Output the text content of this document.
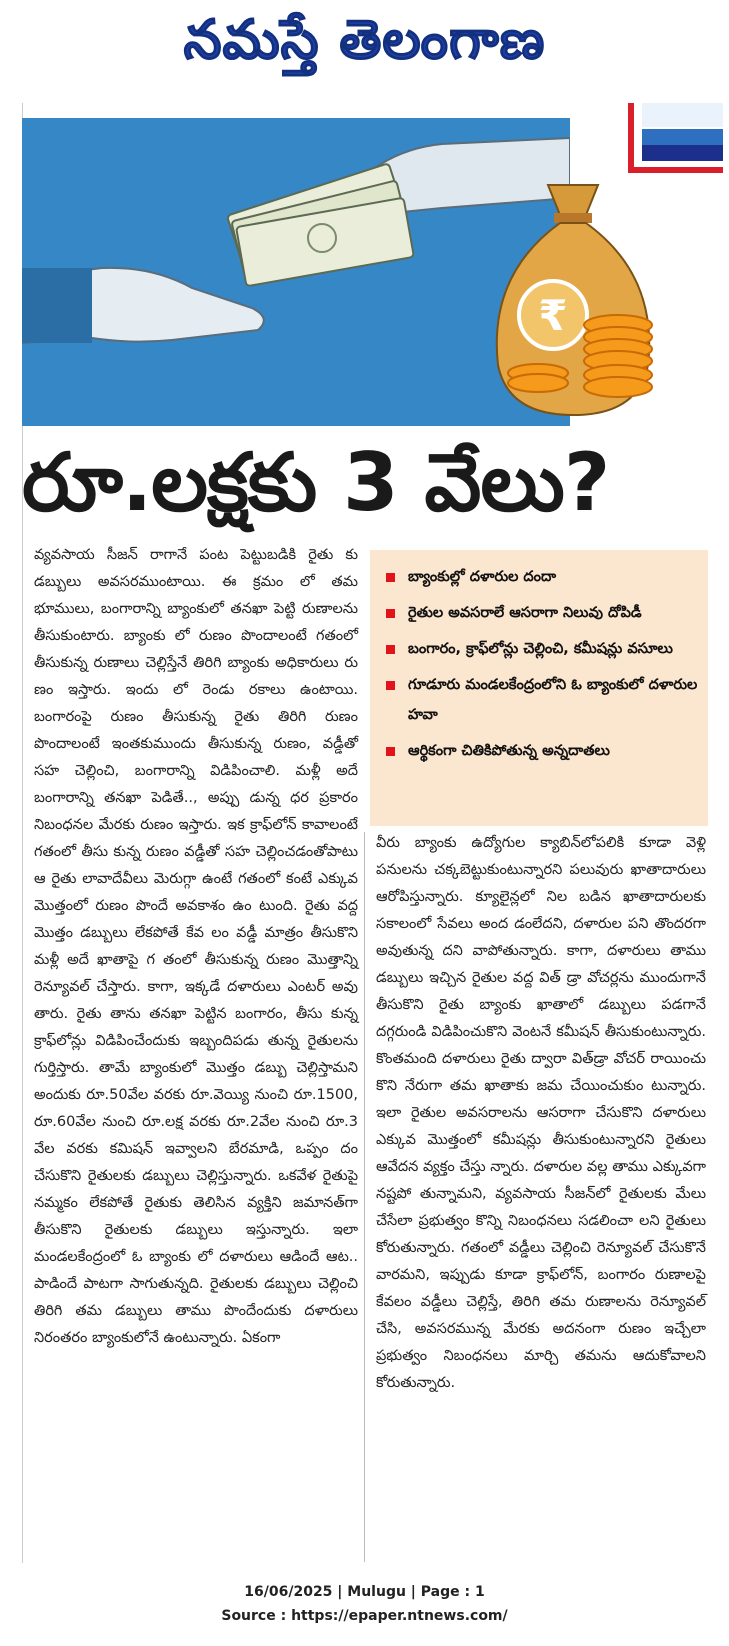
నమస్తే తెలంగాణ
₹
రూ.లక్షకు 3 వేలు?
బ్యాంకుల్లో దళారుల దందా
రైతుల అవసరాలే ఆసరాగా నిలువు దోపిడీ
బంగారం, క్రాఫ్‌లోన్లు చెల్లించి, కమీషన్లు వసూలు
గూడూరు మండలకేంద్రంలోని ఓ బ్యాంకులో దళారుల హవా
ఆర్థికంగా చితికిపోతున్న అన్నదాతలు
వ్యవసాయ సీజన్ రాగానే పంట పెట్టుబడికి రైతు కు డబ్బులు అవసరముంటాయి. ఈ క్రమం లో తమ భూములు, బంగారాన్ని బ్యాంకులో తనఖా పెట్టి రుణాలను తీసుకుంటారు. బ్యాంకు లో రుణం పొందాలంటే గతంలో తీసుకున్న రుణాలు చెల్లిస్తేనే తిరిగి బ్యాంకు అధికారులు రు ణం ఇస్తారు. ఇందు లో రెండు రకాలు ఉంటాయి. బంగారంపై రుణం తీసుకున్న రైతు తిరిగి రుణం పొందాలంటే ఇంతకుముందు తీసుకున్న రుణం, వడ్డీతో సహ చెల్లించి, బంగారాన్ని విడిపించాలి. మళ్లీ అదే బంగారాన్ని తనఖా పెడితే.., అప్పు డున్న ధర ప్రకారం నిబంధనల మేరకు రుణం ఇస్తారు. ఇక క్రాఫ్‌లోన్ కావాలంటే గతంలో తీసు కున్న రుణం వడ్డీతో సహ చెల్లించడంతోపాటు ఆ రైతు లావాదేవీలు మెరుగ్గా ఉంటే గతంలో కంటే ఎక్కువ మొత్తంలో రుణం పొందే అవకాశం ఉం టుంది. రైతు వద్ద మొత్తం డబ్బులు లేకపోతే కేవ లం వడ్డీ మాత్రం తీసుకొని మళ్లీ అదే ఖాతాపై గ తంలో తీసుకున్న రుణం మొత్తాన్ని రెన్యూవల్ చేస్తారు. కాగా, ఇక్కడే దళారులు ఎంటర్ అవు తారు. రైతు తాను తనఖా పెట్టిన బంగారం, తీసు కున్న క్రాఫ్‌లోన్లు విడిపించేందుకు ఇబ్బందిపడు తున్న రైతులను గుర్తిస్తారు. తామే బ్యాంకులో మొత్తం డబ్బు చెల్లిస్తామని అందుకు రూ.50వేల వరకు రూ.వెయ్యి నుంచి రూ.1500, రూ.60వేల నుంచి రూ.లక్ష వరకు రూ.2వేల నుంచి రూ.3 వేల వరకు కమిషన్ ఇవ్వాలని బేరమాడి, ఒప్పం దం చేసుకొని రైతులకు డబ్బులు చెల్లిస్తున్నారు. ఒకవేళ రైతుపై నమ్మకం లేకపోతే రైతుకు తెలిసిన వ్యక్తిని జమానత్‌గా తీసుకొని రైతులకు డబ్బులు ఇస్తున్నారు. ఇలా మండలకేంద్రంలో ఓ బ్యాంకు లో దళారులు ఆడిందే ఆట.. పాడిందే పాటగా సాగుతున్నది. రైతులకు డబ్బులు చెల్లించి తిరిగి తమ డబ్బులు తాము పొందేందుకు దళారులు నిరంతరం బ్యాంకులోనే ఉంటున్నారు. ఏకంగా
వీరు బ్యాంకు ఉద్యోగుల క్యాబిన్‌లోపలికి కూడా వెళ్లి పనులను చక్కబెట్టుకుంటున్నారని పలువురు ఖాతాదారులు ఆరోపిస్తున్నారు. క్యూలైన్లలో నిల బడిన ఖాతాదారులకు సకాలంలో సేవలు అంద డంలేదని, దళారుల పని తొందరగా అవుతున్న దని వాపోతున్నారు. కాగా, దళారులు తాము డబ్బులు ఇచ్చిన రైతుల వద్ద విత్ డ్రా వోచర్లను ముందుగానే తీసుకొని రైతు బ్యాంకు ఖాతాలో డబ్బులు పడగానే దగ్గరుండి విడిపించుకొని వెంటనే కమీషన్ తీసుకుంటున్నారు. కొంతమంది దళారులు రైతు ద్వారా విత్‌డ్రా వోచర్ రాయించు కొని నేరుగా తమ ఖాతాకు జమ చేయించుకుం టున్నారు. ఇలా రైతుల అవసరాలను ఆసరాగా చేసుకొని దళారులు ఎక్కువ మొత్తంలో కమీషన్లు తీసుకుంటున్నారని రైతులు ఆవేదన వ్యక్తం చేస్తు న్నారు. దళారుల వల్ల తాము ఎక్కువగా నష్టపో తున్నామని, వ్యవసాయ సీజన్‌లో రైతులకు మేలు చేసేలా ప్రభుత్వం కొన్ని నిబంధనలు సడలించా లని రైతులు కోరుతున్నారు. గతంలో వడ్డీలు చెల్లించి రెన్యూవల్ చేసుకొనే వారమని, ఇప్పుడు కూడా క్రాఫ్‌లోన్, బంగారం రుణాలపై కేవలం వడ్డీలు చెల్లిస్తే, తిరిగి తమ రుణాలను రెన్యూవల్ చేసి, అవసరమున్న మేరకు అదనంగా రుణం ఇచ్చేలా ప్రభుత్వం నిబంధనలు మార్చి తమను ఆదుకోవాలని కోరుతున్నారు.
16/06/2025 | Mulugu | Page : 1
Source : https://epaper.ntnews.com/
